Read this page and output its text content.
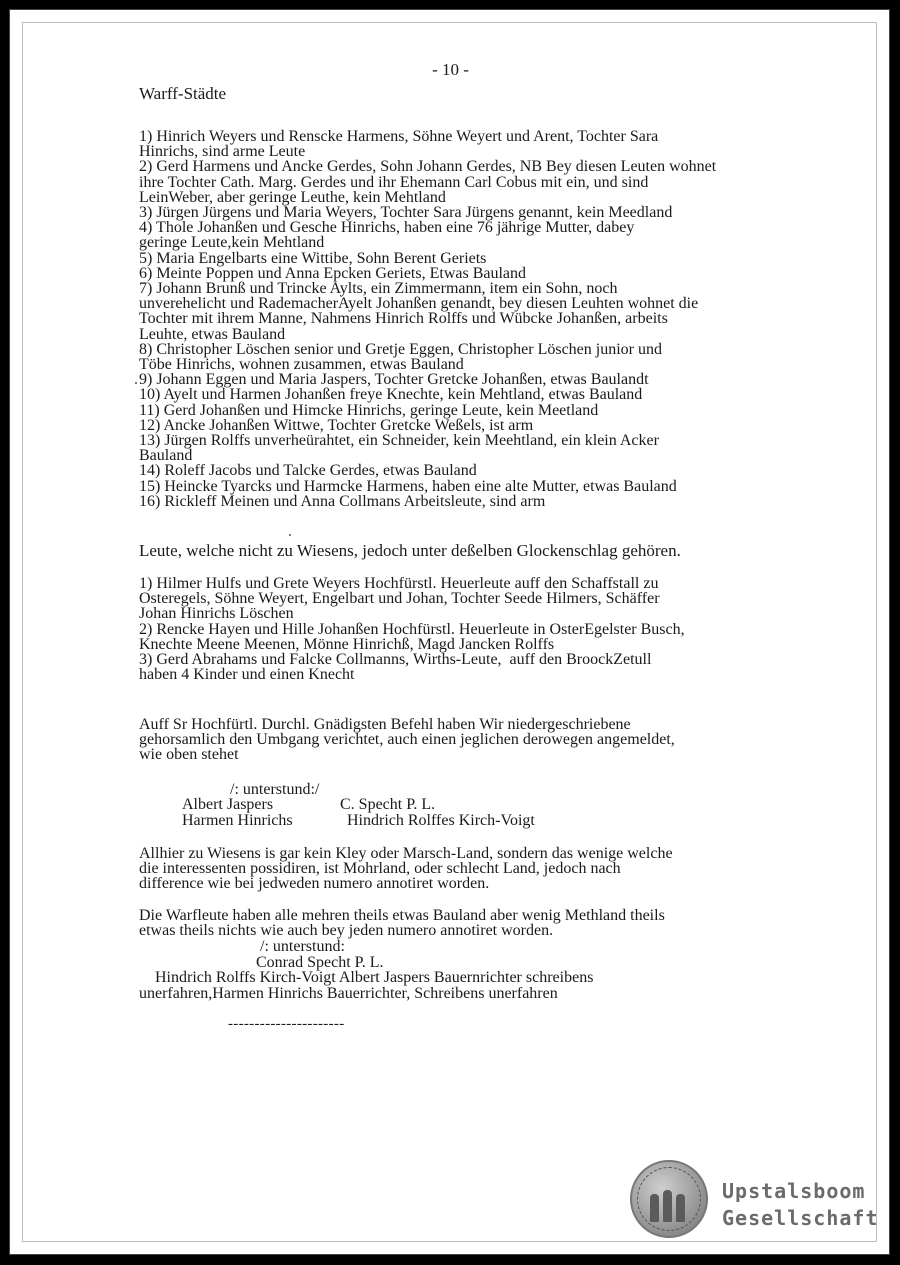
- 10 -
Warff-Städte
1) Hinrich Weyers und Renscke Harmens, Söhne Weyert und Arent, Tochter Sara
Hinrichs, sind arme Leute
2) Gerd Harmens und Ancke Gerdes, Sohn Johann Gerdes, NB Bey diesen Leuten wohnet
ihre Tochter Cath. Marg. Gerdes und ihr Ehemann Carl Cobus mit ein, und sind
LeinWeber, aber geringe Leuthe, kein Mehtland
3) Jürgen Jürgens und Maria Weyers, Tochter Sara Jürgens genannt, kein Meedland
4) Thole Johanßen und Gesche Hinrichs, haben eine 76 jährige Mutter, dabey
geringe Leute,kein Mehtland
5) Maria Engelbarts eine Wittibe, Sohn Berent Geriets
6) Meinte Poppen und Anna Epcken Geriets, Etwas Bauland
7) Johann Brunß und Trincke Aylts, ein Zimmermann, item ein Sohn, noch
unverehelicht und RademacherAyelt Johanßen genandt, bey diesen Leuhten wohnet die
Tochter mit ihrem Manne, Nahmens Hinrich Rolffs und Wübcke Johanßen, arbeits
Leuhte, etwas Bauland
8) Christopher Löschen senior und Gretje Eggen, Christopher Löschen junior und
Töbe Hinrichs, wohnen zusammen, etwas Bauland
9) Johann Eggen und Maria Jaspers, Tochter Gretcke Johanßen, etwas Baulandt
10) Ayelt und Harmen Johanßen freye Knechte, kein Mehtland, etwas Bauland
11) Gerd Johanßen und Himcke Hinrichs, geringe Leute, kein Meetland
12) Ancke Johanßen Wittwe, Tochter Gretcke Weßels, ist arm
13) Jürgen Rolffs unverheürahtet, ein Schneider, kein Meehtland, ein klein Acker
Bauland
14) Roleff Jacobs und Talcke Gerdes, etwas Bauland
15) Heincke Tyarcks und Harmcke Harmens, haben eine alte Mutter, etwas Bauland
16) Rickleff Meinen und Anna Collmans Arbeitsleute, sind arm
Leute, welche nicht zu Wiesens, jedoch unter deßelben Glockenschlag gehören.
1) Hilmer Hulfs und Grete Weyers Hochfürstl. Heuerleute auff den Schaffstall zu
Osteregels, Söhne Weyert, Engelbart und Johan, Tochter Seede Hilmers, Schäffer
Johan Hinrichs Löschen
2) Rencke Hayen und Hille Johanßen Hochfürstl. Heuerleute in OsterEgelster Busch,
Knechte Meene Meenen, Mönne Hinrichß, Magd Jancken Rolffs
3) Gerd Abrahams und Falcke Collmanns, Wirths-Leute, auff den BroockZetull
haben 4 Kinder und einen Knecht
Auff Sr Hochfürtl. Durchl. Gnädigsten Befehl haben Wir niedergeschriebene
gehorsamlich den Umbgang verichtet, auch einen jeglichen derowegen angemeldet,
wie oben stehet
/: unterstund:/
Albert Jaspers	C. Specht P. L.
Harmen Hinrichs	Hindrich Rolffes Kirch-Voigt
Allhier zu Wiesens is gar kein Kley oder Marsch-Land, sondern das wenige welche
die interessenten possidiren, ist Mohrland, oder schlecht Land, jedoch nach
difference wie bei jedweden numero annotiret worden.
Die Warfleute haben alle mehren theils etwas Bauland aber wenig Methland theils
etwas theils nichts wie auch bey jeden numero annotiret worden.
/: unterstund:
Conrad Specht P. L.
Hindrich Rolffs Kirch-Voigt Albert Jaspers Bauernrichter schreibens
unerfahren,Harmen Hinrichs Bauerrichter, Schreibens unerfahren
----------------------
Upstalsboom
Gesellschaft
